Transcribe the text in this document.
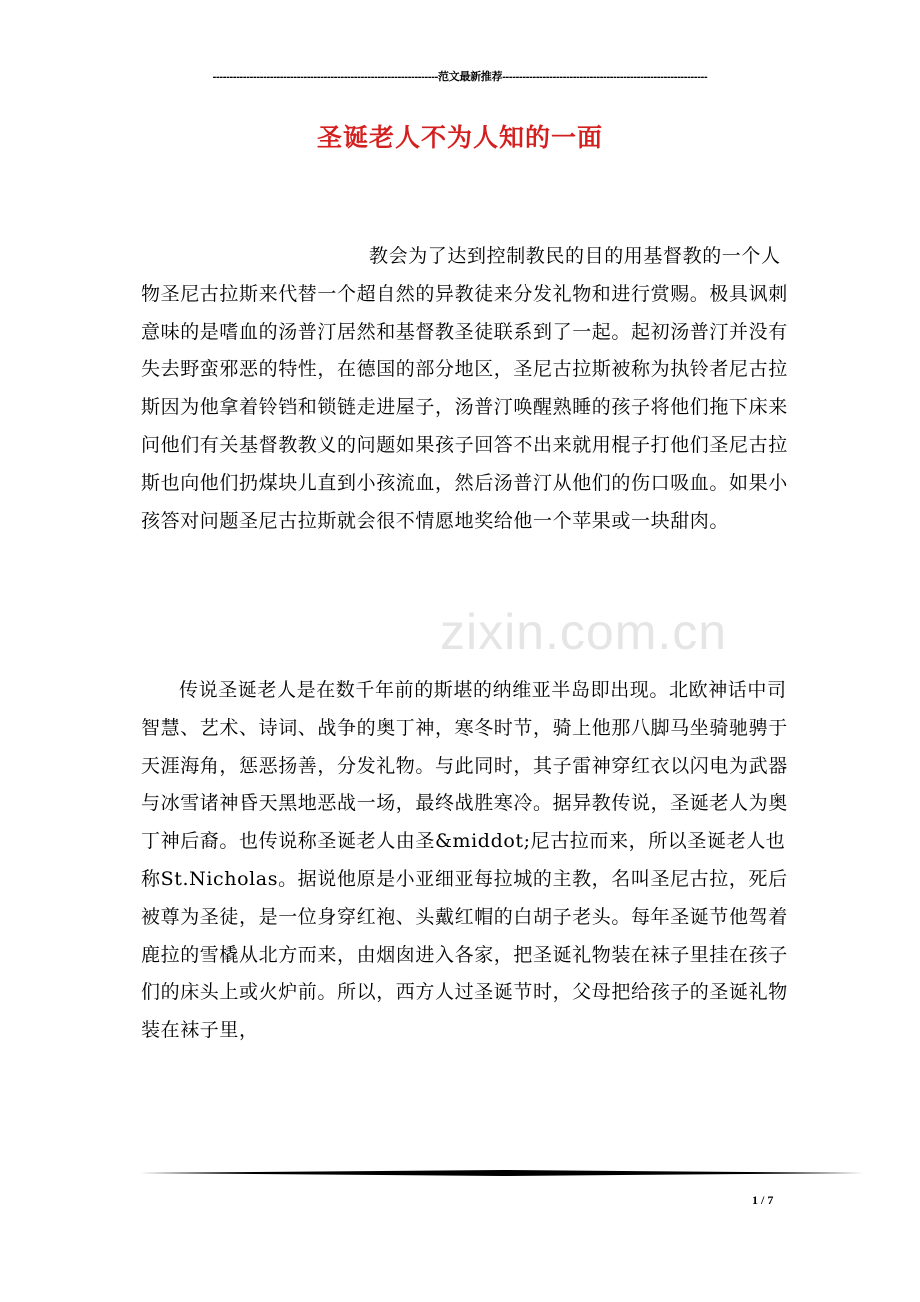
-------------------------------------------------------------------范文最新推荐-------------------------------------------------------------
圣诞老人不为人知的一面
zixin.com.cn
教会为了达到控制教民的目的用基督教的一个人物圣尼古拉斯来代替一个超自然的异教徒来分发礼物和进行赏赐。极具讽刺意味的是嗜血的汤普汀居然和基督教圣徒联系到了一起。起初汤普汀并没有失去野蛮邪恶的特性，在德国的部分地区，圣尼古拉斯被称为执铃者尼古拉斯因为他拿着铃铛和锁链走进屋子，汤普汀唤醒熟睡的孩子将他们拖下床来问他们有关基督教教义的问题如果孩子回答不出来就用棍子打他们圣尼古拉斯也向他们扔煤块儿直到小孩流血，然后汤普汀从他们的伤口吸血。如果小孩答对问题圣尼古拉斯就会很不情愿地奖给他一个苹果或一块甜肉。
传说圣诞老人是在数千年前的斯堪的纳维亚半岛即出现。北欧神话中司智慧、艺术、诗词、战争的奥丁神，寒冬时节，骑上他那八脚马坐骑驰骋于天涯海角，惩恶扬善，分发礼物。与此同时，其子雷神穿红衣以闪电为武器与冰雪诸神昏天黑地恶战一场，最终战胜寒冷。据异教传说，圣诞老人为奥丁神后裔。也传说称圣诞老人由圣&middot;尼古拉而来，所以圣诞老人也称St.Nicholas。据说他原是小亚细亚每拉城的主教，名叫圣尼古拉，死后被尊为圣徒，是一位身穿红袍、头戴红帽的白胡子老头。每年圣诞节他驾着鹿拉的雪橇从北方而来，由烟囱进入各家，把圣诞礼物装在袜子里挂在孩子们的床头上或火炉前。所以，西方人过圣诞节时，父母把给孩子的圣诞礼物装在袜子里，
1 / 7
